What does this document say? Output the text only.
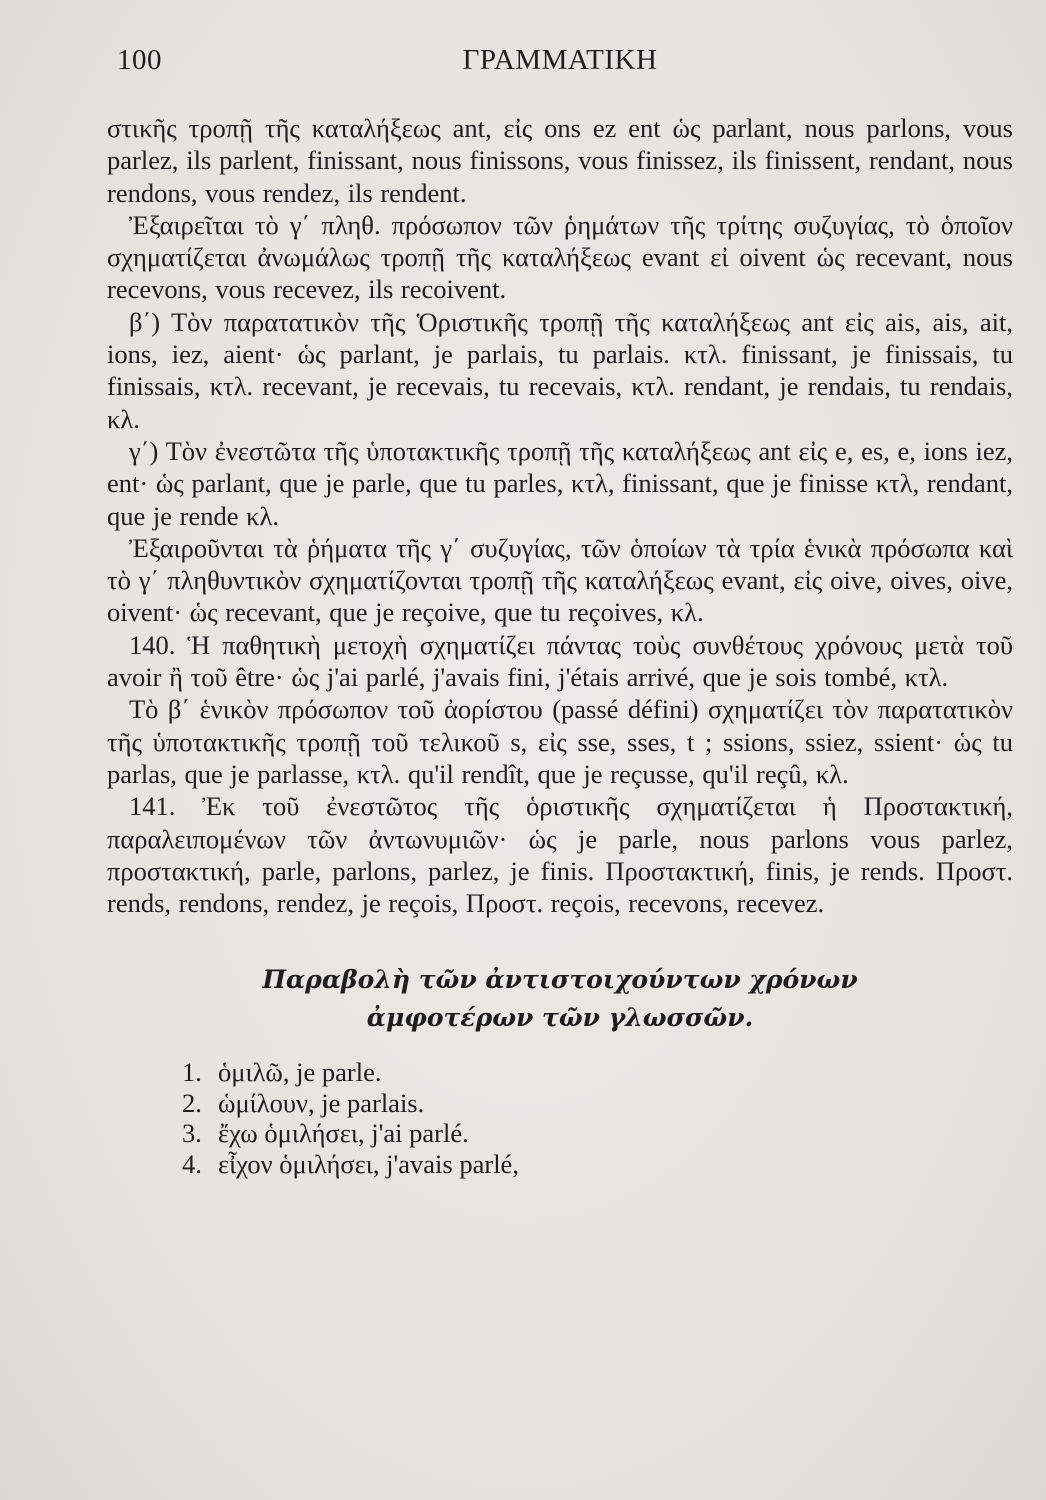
100	ΓΡΑΜΜΑΤΙΚΗ

στικῆς τροπῇ τῆς καταλήξεως ant, εἰς ons ez ent ὡς parlant, nous parlons, vous parlez, ils parlent, finissant, nous finissons, vous finissez, ils finissent, rendant, nous rendons, vous rendez, ils rendent.

Ἐξαιρεῖται τὸ γ΄ πληθ. πρόσωπον τῶν ῥημάτων τῆς τρίτης συζυγίας, τὸ ὁποῖον σχηματίζεται ἀνωμάλως τροπῇ τῆς καταλήξεως evant εἰ oivent ὡς recevant, nous recevons, vous recevez, ils recoivent.

β΄) Τὸν παρατατικὸν τῆς Ὁριστικῆς τροπῇ τῆς καταλήξεως ant εἰς ais, ais, ait, ions, iez, aient· ὡς parlant, je parlais, tu parlais. κτλ. finissant, je finissais, tu finissais, κτλ. recevant, je recevais, tu recevais, κτλ. rendant, je rendais, tu rendais, κλ.

γ΄) Τὸν ἐνεστῶτα τῆς ὑποτακτικῆς τροπῇ τῆς καταλήξεως ant εἰς e, es, e, ions iez, ent· ὡς parlant, que je parle, que tu parles, κτλ, finissant, que je finisse κτλ, rendant, que je rende κλ.

Ἐξαιροῦνται τὰ ῥήματα τῆς γ΄ συζυγίας, τῶν ὁποίων τὰ τρία ἑνικὰ πρόσωπα καὶ τὸ γ΄ πληθυντικὸν σχηματίζονται τροπῇ τῆς καταλήξεως evant, εἰς oive, oives, oive, oivent· ὡς recevant, que je reçoive, que tu reçoives, κλ.

140. Ἡ παθητικὴ μετοχὴ σχηματίζει πάντας τοὺς συνθέτους χρόνους μετὰ τοῦ avoir ἢ τοῦ être· ὡς j'ai parlé, j'avais fini, j'étais arrivé, que je sois tombé, κτλ.

Τὸ β΄ ἑνικὸν πρόσωπον τοῦ ἀορίστου (passé défini) σχηματίζει τὸν παρατατικὸν τῆς ὑποτακτικῆς τροπῇ τοῦ τελικοῦ s, εἰς sse, sses, t ; ssions, ssiez, ssient· ὡς tu parlas, que je parlasse, κτλ. qu'il rendît, que je reçusse, qu'il reçû, κλ.

141. Ἐκ τοῦ ἐνεστῶτος τῆς ὁριστικῆς σχηματίζεται ἡ Προστακτική, παραλειπομένων τῶν ἀντωνυμιῶν· ὡς je parle, nous parlons vous parlez, προστακτική, parle, parlons, parlez, je finis. Προστακτική, finis, je rends. Προστ. rends, rendons, rendez, je reçois, Προστ. reçois, recevons, recevez.

Παραβολὴ τῶν ἀντιστοιχούντων χρόνων
ἀμφοτέρων τῶν γλωσσῶν.
1. ὁμιλῶ, je parle.
2. ὡμίλουν, je parlais.
3. ἔχω ὁμιλήσει, j'ai parlé.
4. εἶχον ὁμιλήσει, j'avais parlé,
